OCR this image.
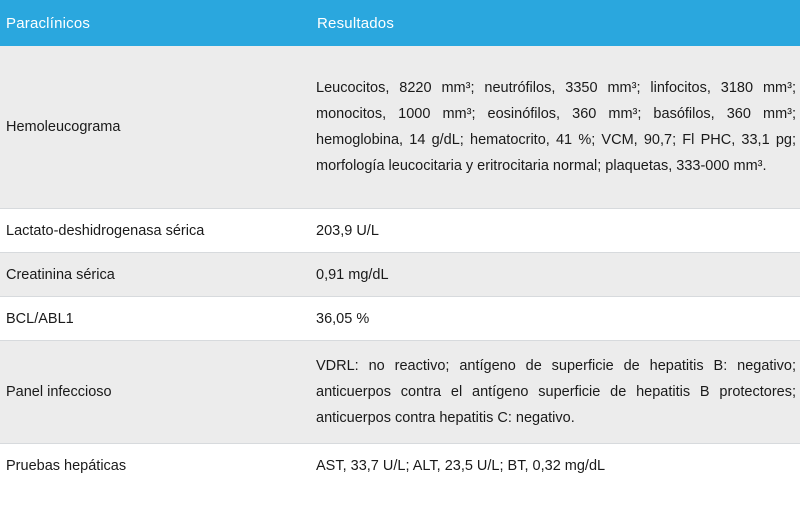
Paraclínicos	Resultados
Hemoleucograma	Leucocitos, 8220 mm³; neutrófilos, 3350 mm³; linfocitos, 3180 mm³; monocitos, 1000 mm³; eosinófilos, 360 mm³; basófilos, 360 mm³; hemoglobina, 14 g/dL; hematocrito, 41 %; VCM, 90,7; Fl PHC, 33,1 pg; morfología leucocitaria y eritrocitaria normal; plaquetas, 333-000 mm³.
Lactato-deshidrogenasa sérica	203,9 U/L
Creatinina sérica	0,91 mg/dL
BCL/ABL1	36,05 %
Panel infeccioso	VDRL: no reactivo; antígeno de superficie de hepatitis B: negativo; anticuerpos contra el antígeno superficie de hepatitis B protectores; anticuerpos contra hepatitis C: negativo.
Pruebas hepáticas	AST, 33,7 U/L; ALT, 23,5 U/L; BT, 0,32 mg/dL
